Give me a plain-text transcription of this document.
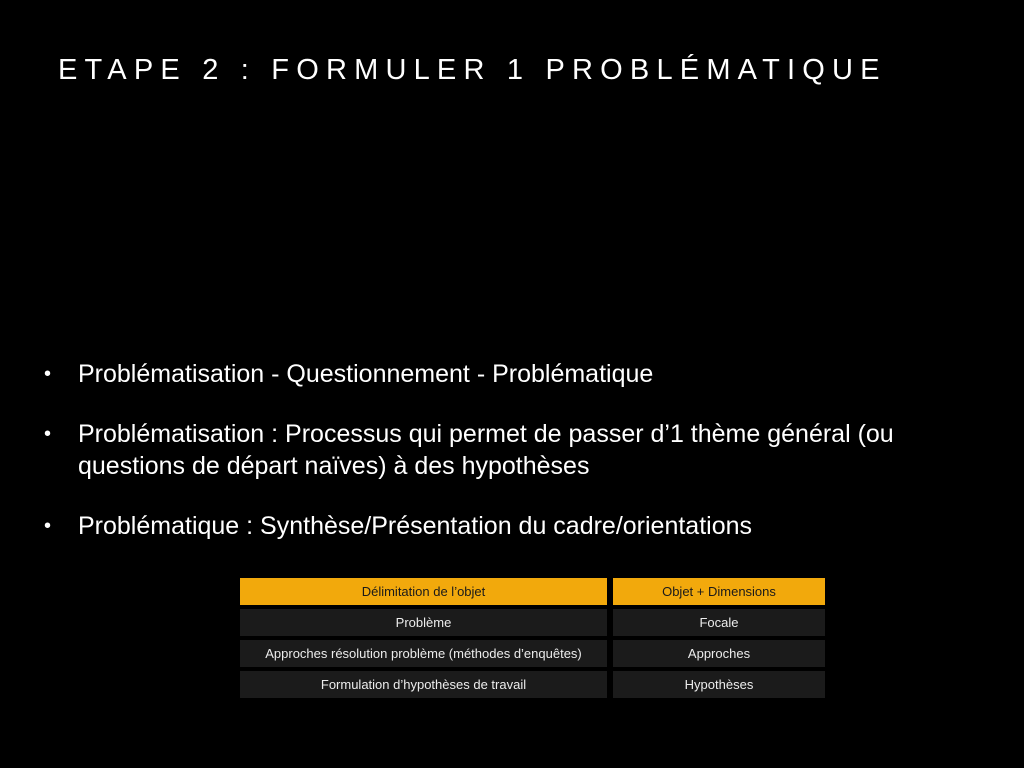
ETAPE 2 : FORMULER 1 PROBLÉMATIQUE
• Problématisation - Questionnement - Problématique
• Problématisation : Processus qui permet de passer d’1 thème général (ou questions de départ naïves) à des hypothèses
• Problématique : Synthèse/Présentation du cadre/orientations
Délimitation de l’objet	Objet + Dimensions
Problème	Focale
Approches résolution problème (méthodes d’enquêtes)	Approches
Formulation d’hypothèses de travail	Hypothèses
